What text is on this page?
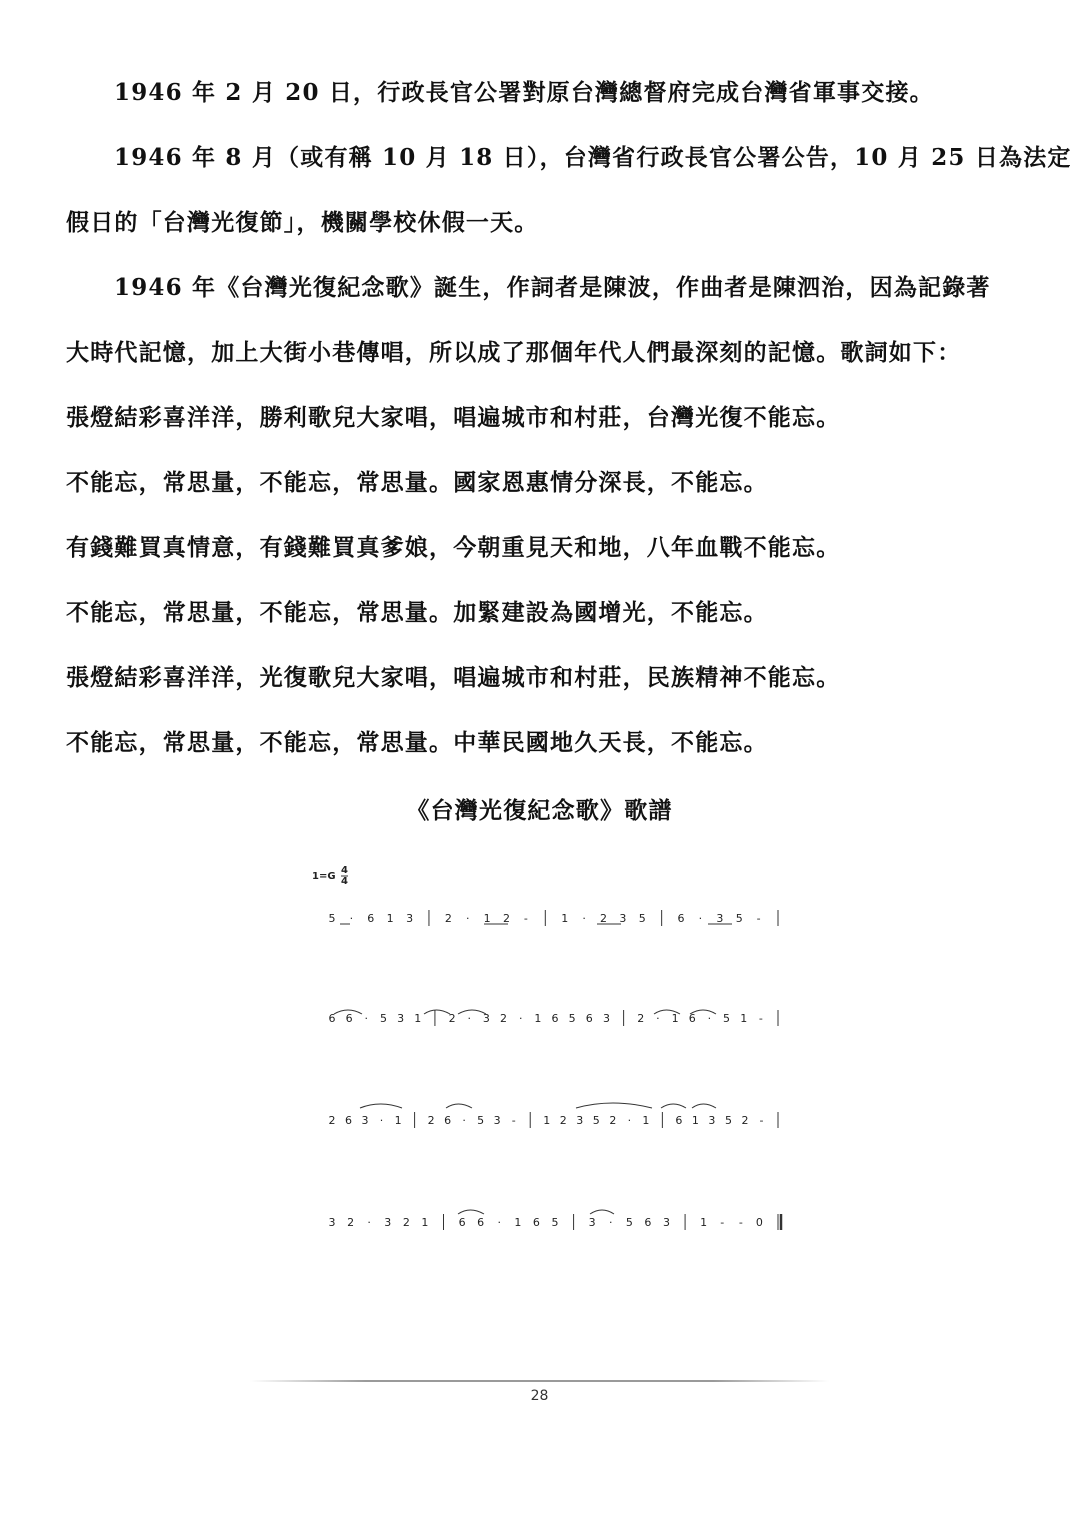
1946 年 2 月 20 日，行政長官公署對原台灣總督府完成台灣省軍事交接。

1946 年 8 月（或有稱 10 月 18 日），台灣省行政長官公署公告，10 月 25 日為法定

假日的「台灣光復節」，機關學校休假一天。

1946 年《台灣光復紀念歌》誕生，作詞者是陳波，作曲者是陳泗治，因為記錄著

大時代記憶，加上大街小巷傳唱，所以成了那個年代人們最深刻的記憶。歌詞如下：

張燈結彩喜洋洋，勝利歌兒大家唱，唱遍城市和村莊，台灣光復不能忘。

不能忘，常思量，不能忘，常思量。國家恩惠情分深長，不能忘。

有錢難買真情意，有錢難買真爹娘，今朝重見天和地，八年血戰不能忘。

不能忘，常思量，不能忘，常思量。加緊建設為國增光，不能忘。

張燈結彩喜洋洋，光復歌兒大家唱，唱遍城市和村莊，民族精神不能忘。

不能忘，常思量，不能忘，常思量。中華民國地久天長，不能忘。

《台灣光復紀念歌》歌譜
1=G
4
4
5 · 6 1 3	2 · 1 2 -	1 · 2 3 5	6 · 3 5 -
6 6 · 5 3 1 2 · 3 2 · 1 6 5 6 3 2 · 1 6 · 5 1 -
2 6 3 · 1 2 6 · 5 3 -	1 2 3 5 2 · 1 6 1 3 5 2 -
3 2 · 3 2 1	6 6 · 1 6 5	3 · 5 6 3	1 - - 0
28
